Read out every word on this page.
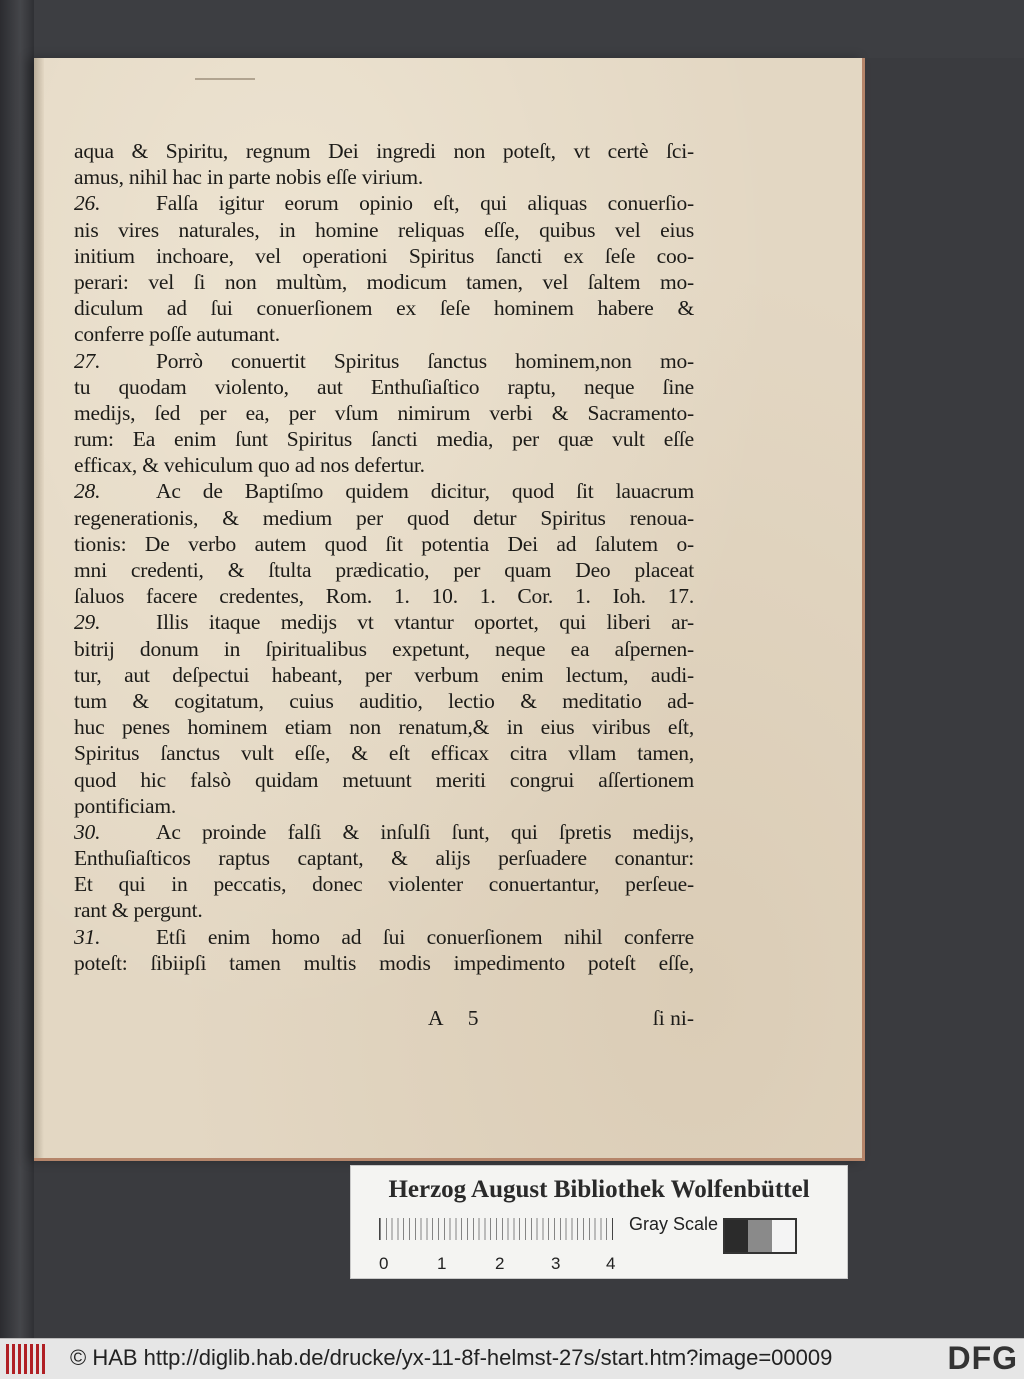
aqua & Spiritu, regnum Dei ingredi non poteſt, vt certè ſci-
amus, nihil hac in parte nobis eſſe virium.
26.	Falſa igitur eorum opinio eſt, qui aliquas conuerſio-
nis vires naturales, in homine reliquas eſſe, quibus vel eius
initium inchoare, vel operationi Spiritus ſancti ex ſeſe coo-
perari: vel ſi non multùm, modicum tamen, vel ſaltem mo-
diculum ad ſui conuerſionem ex ſeſe hominem habere &
conferre poſſe autumant.
27.	Porrò conuertit Spiritus ſanctus hominem,non mo-
tu quodam violento, aut Enthuſiaſtico raptu, neque ſine
medijs, ſed per ea, per vſum nimirum verbi & Sacramento-
rum: Ea enim ſunt Spiritus ſancti media, per quæ vult eſſe
efficax, & vehiculum quo ad nos defertur.
28.	Ac de Baptiſmo quidem dicitur, quod ſit lauacrum
regenerationis, & medium per quod detur Spiritus renoua-
tionis: De verbo autem quod ſit potentia Dei ad ſalutem o-
mni credenti, & ſtulta prædicatio, per quam Deo placeat
ſaluos facere credentes, Rom. 1. 10. 1. Cor. 1. Ioh. 17.
29.	Illis itaque medijs vt vtantur oportet, qui liberi ar-
bitrij donum in ſpiritualibus expetunt, neque ea aſpernen-
tur, aut deſpectui habeant, per verbum enim lectum, audi-
tum & cogitatum, cuius auditio, lectio & meditatio ad-
huc penes hominem etiam non renatum,& in eius viribus eſt,
Spiritus ſanctus vult eſſe, & eſt efficax citra vllam tamen,
quod hic falsò quidam metuunt meriti congrui aſſertionem
pontificiam.
30.	Ac proinde falſi & inſulſi ſunt, qui ſpretis medijs,
Enthuſiaſticos raptus captant, & alijs perſuadere conantur:
Et qui in peccatis, donec violenter conuertantur, perſeue-
rant & pergunt.
31.	Etſi enim homo ad ſui conuerſionem nihil conferre
poteſt: ſibiipſi tamen multis modis impedimento poteſt eſſe,
A 5	ſi ni-
Herzog August Bibliothek Wolfenbüttel
0	1	2	3	4
Gray Scale
© HAB http://diglib.hab.de/drucke/yx-11-8f-helmst-27s/start.htm?image=00009	DFG
